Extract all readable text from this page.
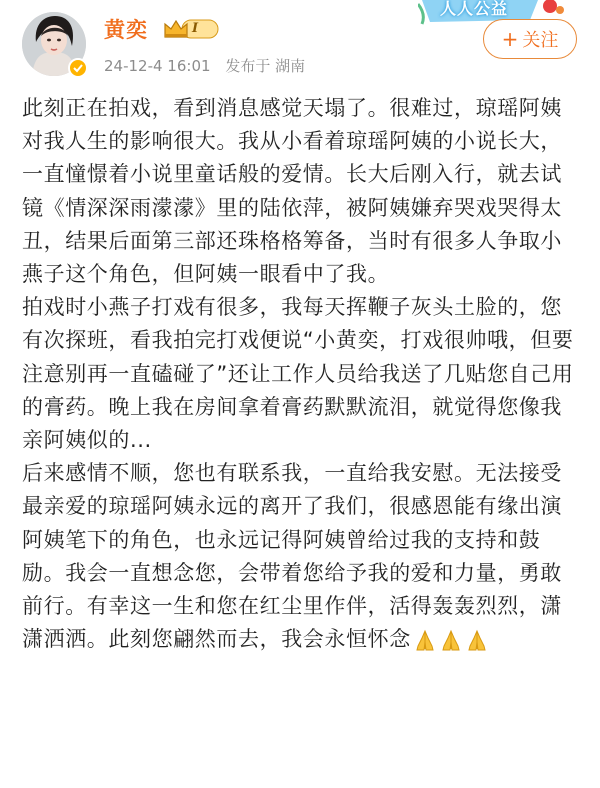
黄奕	I
24-12-4 16:01 发布于 湖南
人人公益
+ 关注

此刻正在拍戏，看到消息感觉天塌了。很难过，琼瑶阿姨对我人生的影响很大。我从小看着琼瑶阿姨的小说长大，一直憧憬着小说里童话般的爱情。长大后刚入行，就去试镜《情深深雨濛濛》里的陆依萍，被阿姨嫌弃哭戏哭得太丑，结果后面第三部还珠格格筹备，当时有很多人争取小燕子这个角色，但阿姨一眼看中了我。

拍戏时小燕子打戏有很多，我每天挥鞭子灰头土脸的，您有次探班，看我拍完打戏便说“小黄奕，打戏很帅哦，但要注意别再一直磕碰了”还让工作人员给我送了几贴您自己用的膏药。晚上我在房间拿着膏药默默流泪，就觉得您像我亲阿姨似的...

后来感情不顺，您也有联系我，一直给我安慰。无法接受最亲爱的琼瑶阿姨永远的离开了我们，很感恩能有缘出演阿姨笔下的角色，也永远记得阿姨曾给过我的支持和鼓励。我会一直想念您，会带着您给予我的爱和力量，勇敢前行。有幸这一生和您在红尘里作伴，活得轰轰烈烈，潇潇洒洒。此刻您翩然而去，我会永恒怀念
